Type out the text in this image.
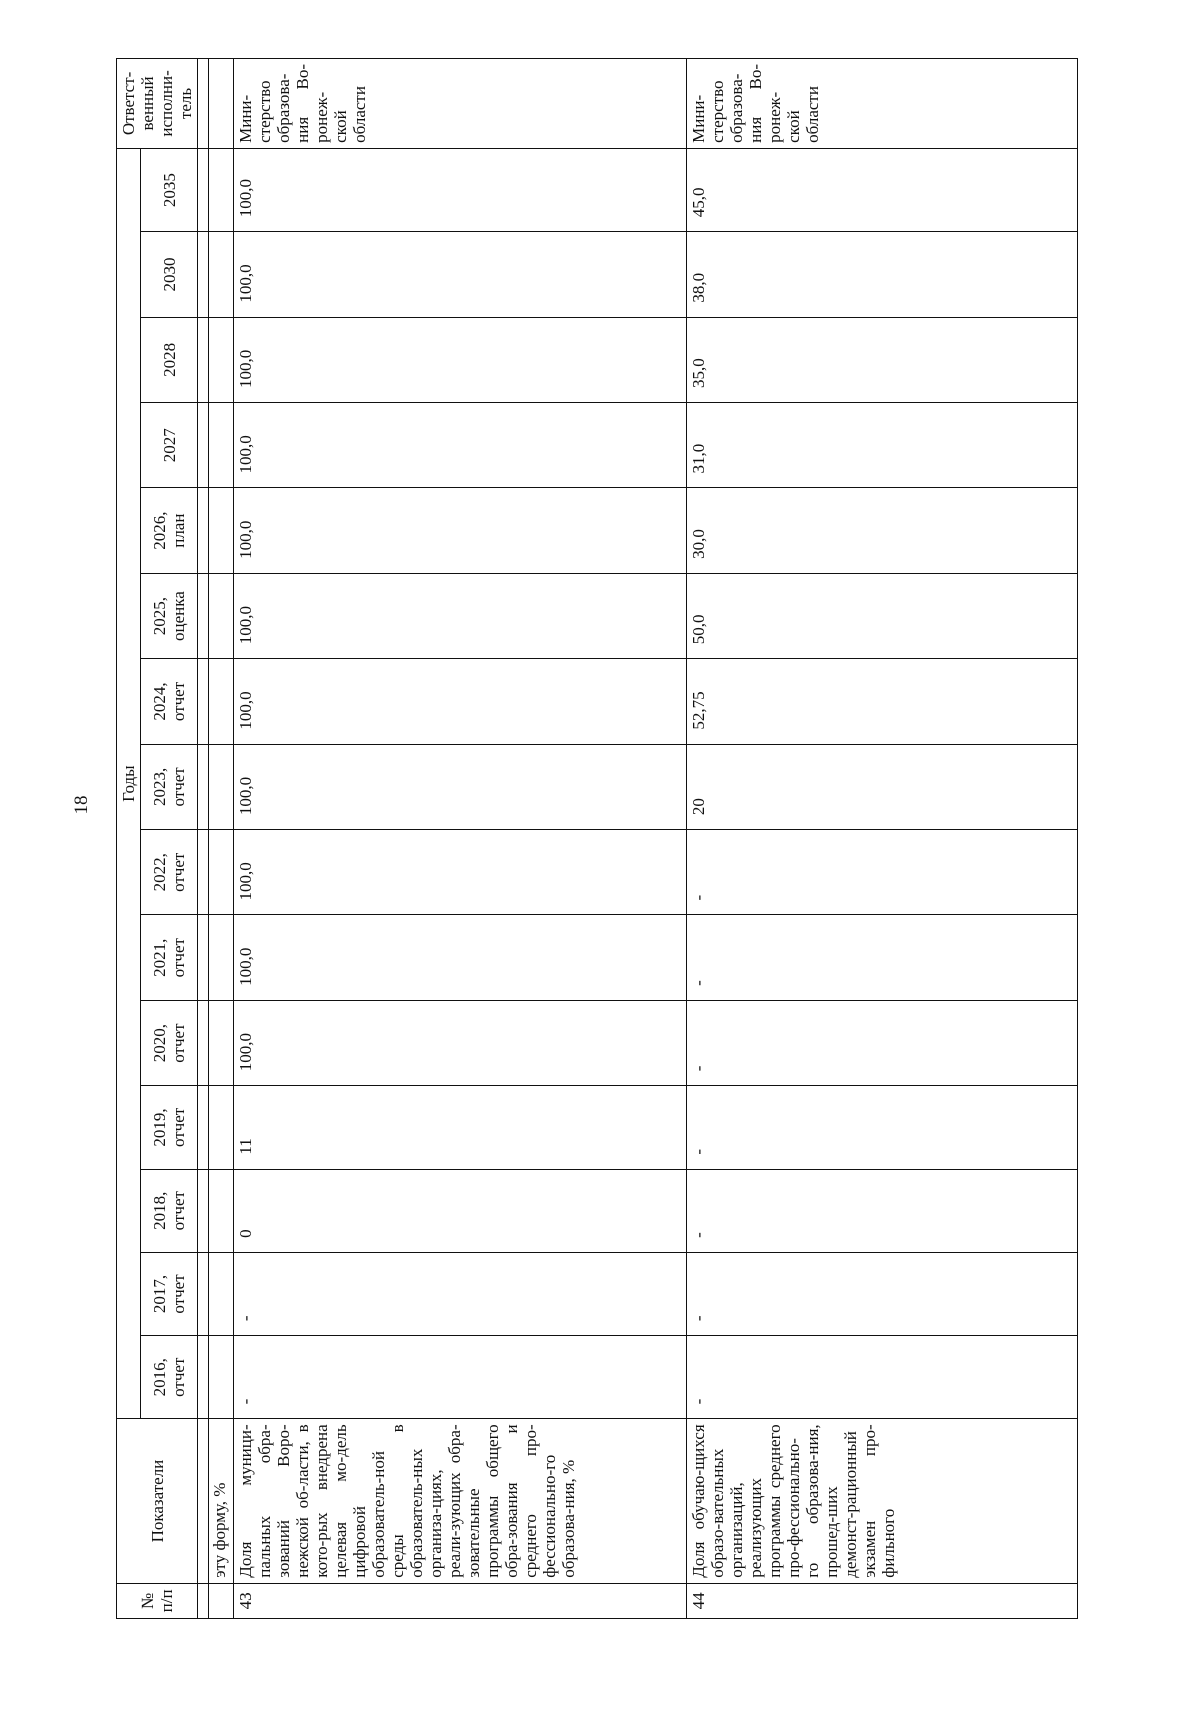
18
№ п/п	Показатели	Годы															Ответст-венный исполни-тель
		2016, отчет	2017, отчет	2018, отчет	2019, отчет	2020, отчет	2021, отчет	2022, отчет	2023, отчет	2024, отчет	2025, оценка	2026, план	2027	2028	2030	2035	

	эту форму, %																
43	Доля муници-пальных обра-зований Воро-нежской об-ласти, в кото-рых внедрена целевая мо-дель цифровой образователь-ной среды в образователь-ных организа-циях, реали-зующих обра-зовательные программы общего обра-зования и среднего про-фессионально-го образова-ния, %	-	-	0	11	100,0	100,0	100,0	100,0	100,0	100,0	100,0	100,0	100,0	100,0	100,0	Мини-стерство образова-ния Во-ронеж-ской области
44	Доля обучаю-щихся образо-вательных организаций, реализующих программы среднего про-фессионально-го образова-ния, прошед-ших демонст-рационный экзамен про-фильного	-	-	-	-	-	-	-	20	52,75	50,0	30,0	31,0	35,0	38,0	45,0	Мини-стерство образова-ния Во-ронеж-ской области
